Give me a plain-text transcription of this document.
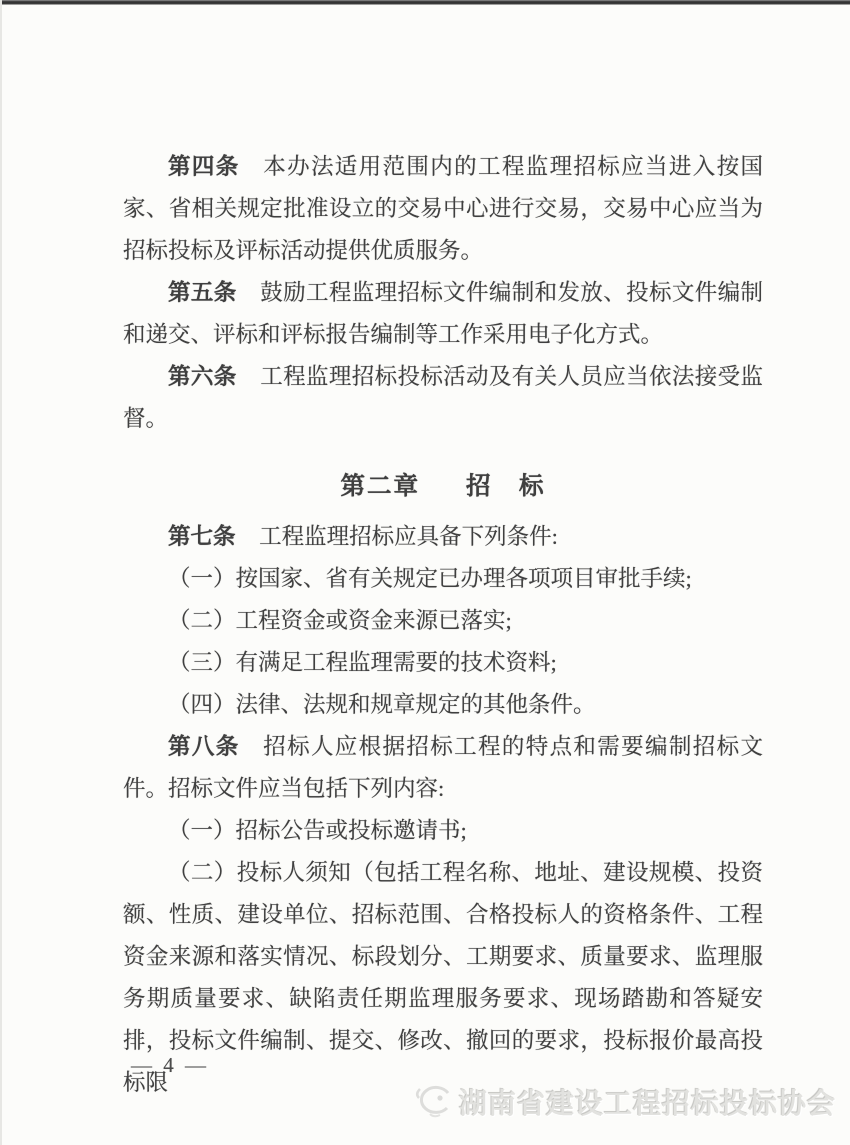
第四条 本办法适用范围内的工程监理招标应当进入按国家、省相关规定批准设立的交易中心进行交易，交易中心应当为招标投标及评标活动提供优质服务。

第五条 鼓励工程监理招标文件编制和发放、投标文件编制和递交、评标和评标报告编制等工作采用电子化方式。

第六条 工程监理招标投标活动及有关人员应当依法接受监督。

第二章 招　标

第七条 工程监理招标应具备下列条件:

（一）按国家、省有关规定已办理各项项目审批手续;

（二）工程资金或资金来源已落实;

（三）有满足工程监理需要的技术资料;

（四）法律、法规和规章规定的其他条件。

第八条 招标人应根据招标工程的特点和需要编制招标文件。招标文件应当包括下列内容:

（一）招标公告或投标邀请书;

（二）投标人须知（包括工程名称、地址、建设规模、投资额、性质、建设单位、招标范围、合格投标人的资格条件、工程资金来源和落实情况、标段划分、工期要求、质量要求、监理服务期质量要求、缺陷责任期监理服务要求、现场踏勘和答疑安排，投标文件编制、提交、修改、撤回的要求，投标报价最高投标限

— 4 —
湖南省建设工程招标投标协会
